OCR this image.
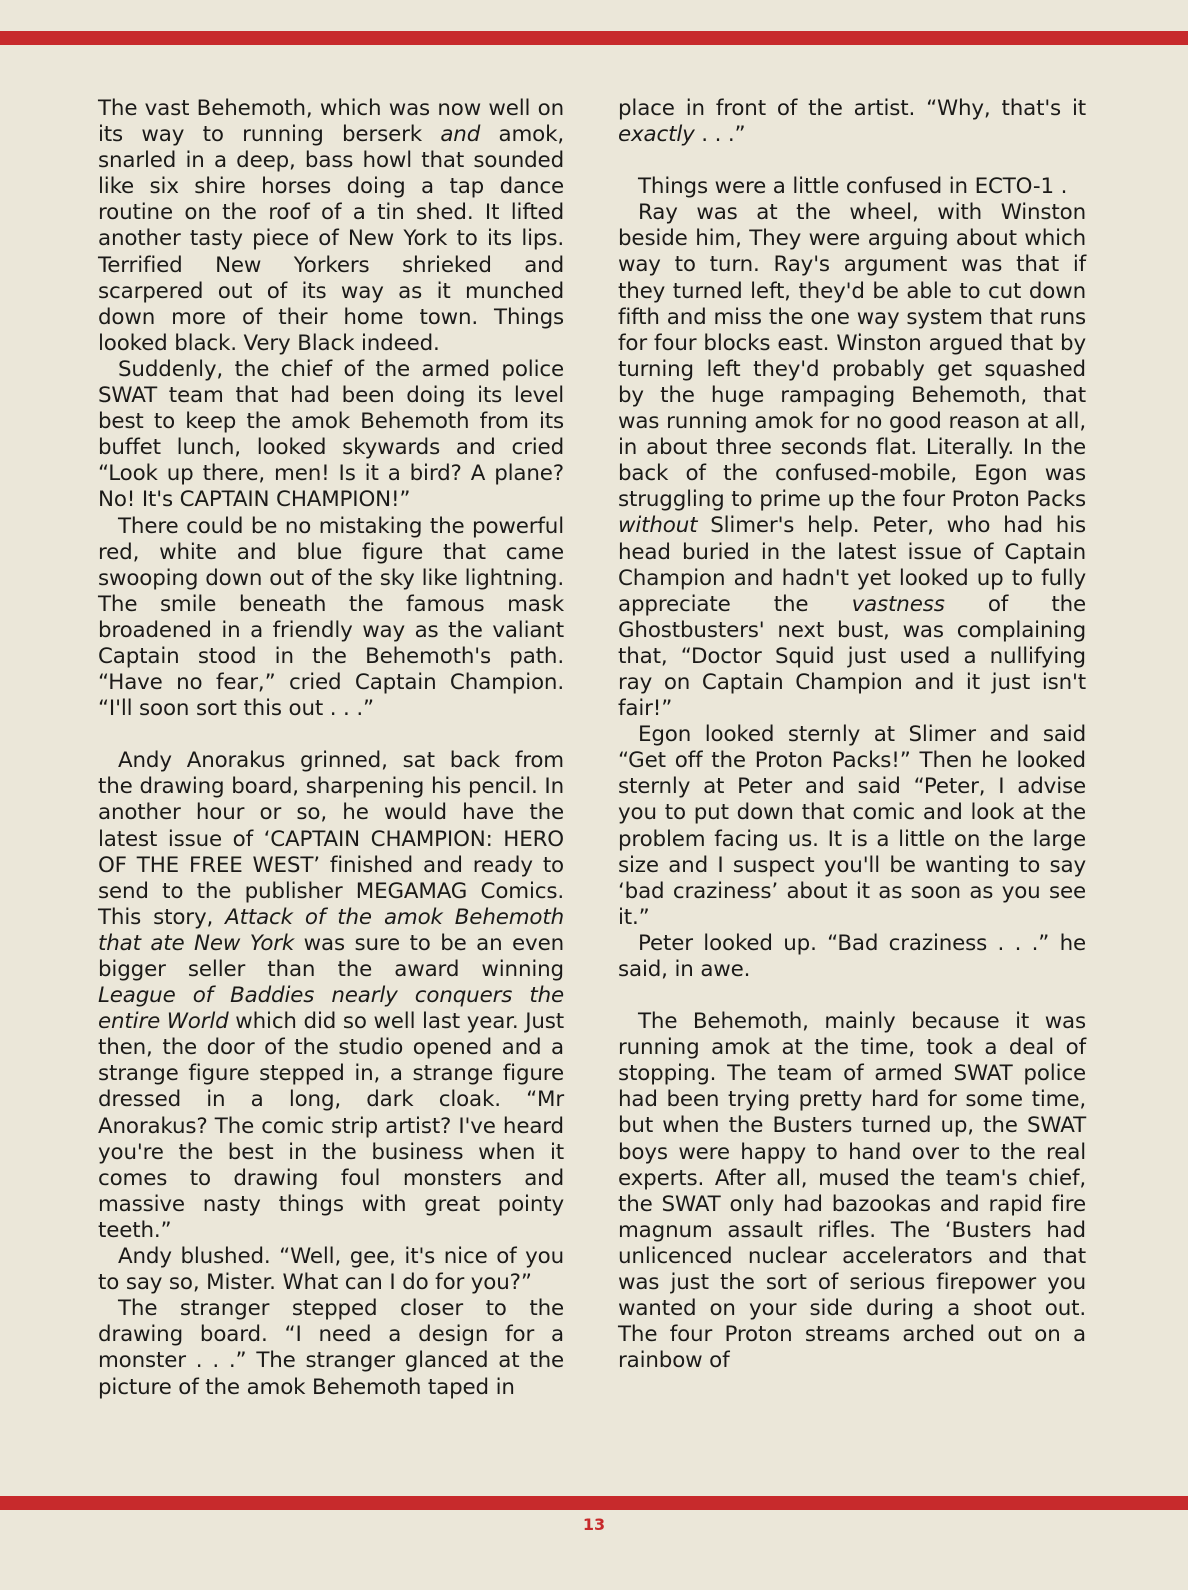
The vast Behemoth, which was now well on its way to running berserk and amok, snarled in a deep, bass howl that sounded like six shire horses doing a tap dance routine on the roof of a tin shed. It lifted another tasty piece of New York to its lips. Terrified New Yorkers shrieked and scarpered out of its way as it munched down more of their home town. Things looked black. Very Black indeed.

Suddenly, the chief of the armed police SWAT team that had been doing its level best to keep the amok Behemoth from its buffet lunch, looked skywards and cried “Look up there, men! Is it a bird? A plane? No! It's CAPTAIN CHAMPION!”

There could be no mistaking the powerful red, white and blue figure that came swooping down out of the sky like lightning. The smile beneath the famous mask broadened in a friendly way as the valiant Captain stood in the Behemoth's path. “Have no fear,” cried Captain Champion. “I'll soon sort this out . . .”

Andy Anorakus grinned, sat back from the drawing board, sharpening his pencil. In another hour or so, he would have the latest issue of ‘CAPTAIN CHAMPION: HERO OF THE FREE WEST’ finished and ready to send to the publisher MEGAMAG Comics. This story, Attack of the amok Behemoth that ate New York was sure to be an even bigger seller than the award winning League of Baddies nearly conquers the entire World which did so well last year. Just then, the door of the studio opened and a strange figure stepped in, a strange figure dressed in a long, dark cloak. “Mr Anorakus? The comic strip artist? I've heard you're the best in the business when it comes to drawing foul monsters and massive nasty things with great pointy teeth.”

Andy blushed. “Well, gee, it's nice of you to say so, Mister. What can I do for you?”

The stranger stepped closer to the drawing board. “I need a design for a monster . . .” The stranger glanced at the picture of the amok Behemoth taped in

place in front of the artist. “Why, that's it exactly . . .”

Things were a little confused in ECTO-1 .

Ray was at the wheel, with Winston beside him, They were arguing about which way to turn. Ray's argument was that if they turned left, they'd be able to cut down fifth and miss the one way system that runs for four blocks east. Winston argued that by turning left they'd probably get squashed by the huge rampaging Behemoth, that was running amok for no good reason at all, in about three seconds flat. Literally. In the back of the confused-mobile, Egon was struggling to prime up the four Proton Packs without Slimer's help. Peter, who had his head buried in the latest issue of Captain Champion and hadn't yet looked up to fully appreciate the vastness of the Ghostbusters' next bust, was complaining that, “Doctor Squid just used a nullifying ray on Captain Champion and it just isn't fair!”

Egon looked sternly at Slimer and said “Get off the Proton Packs!” Then he looked sternly at Peter and said “Peter, I advise you to put down that comic and look at the problem facing us. It is a little on the large size and I suspect you'll be wanting to say ‘bad craziness’ about it as soon as you see it.”

Peter looked up. “Bad craziness . . .” he said, in awe.

The Behemoth, mainly because it was running amok at the time, took a deal of stopping. The team of armed SWAT police had been trying pretty hard for some time, but when the Busters turned up, the SWAT boys were happy to hand over to the real experts. After all, mused the team's chief, the SWAT only had bazookas and rapid fire magnum assault rifles. The ‘Busters had unlicenced nuclear accelerators and that was just the sort of serious firepower you wanted on your side during a shoot out. The four Proton streams arched out on a rainbow of

13
